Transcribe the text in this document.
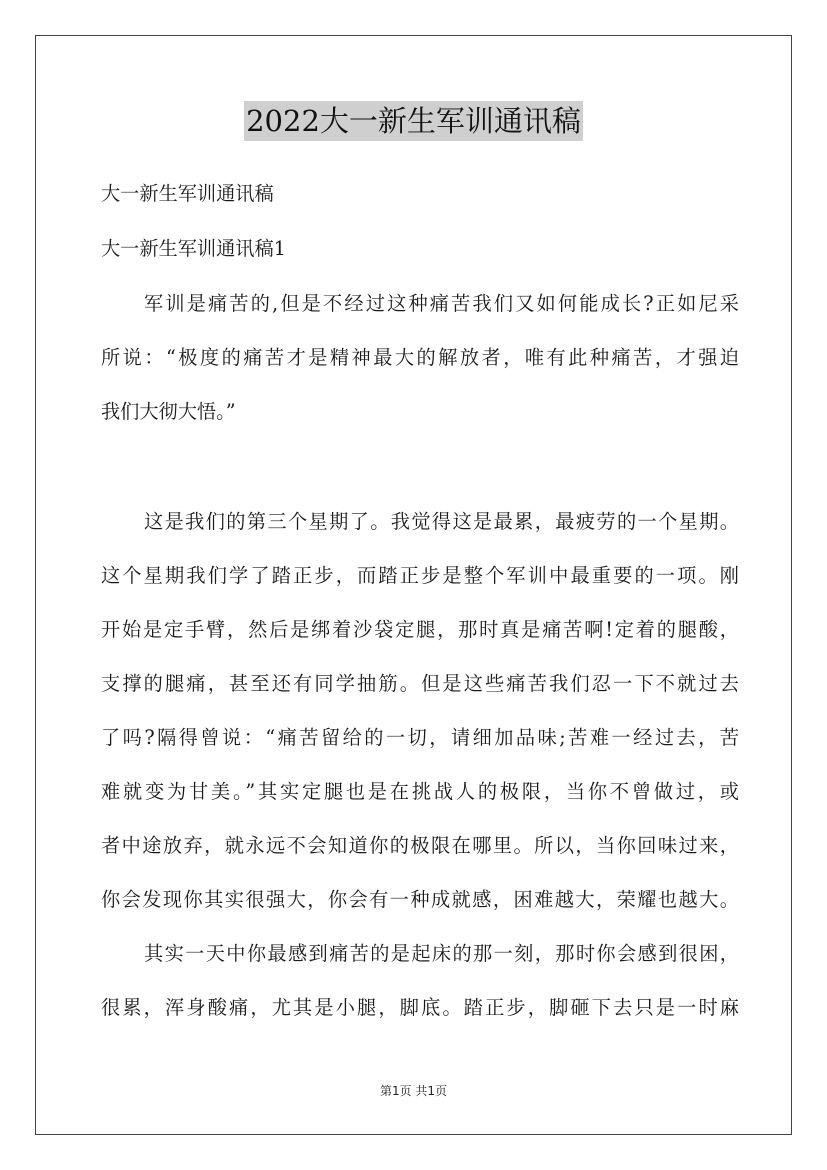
2022大一新生军训通讯稿
大一新生军训通讯稿
大一新生军训通讯稿1
军训是痛苦的,但是不经过这种痛苦我们又如何能成长?正如尼采
所说：“极度的痛苦才是精神最大的解放者，唯有此种痛苦，才强迫
我们大彻大悟。”
这是我们的第三个星期了。我觉得这是最累，最疲劳的一个星期。
这个星期我们学了踏正步，而踏正步是整个军训中最重要的一项。刚
开始是定手臂，然后是绑着沙袋定腿，那时真是痛苦啊!定着的腿酸，
支撑的腿痛，甚至还有同学抽筋。但是这些痛苦我们忍一下不就过去
了吗?隔得曾说：“痛苦留给的一切，请细加品味;苦难一经过去，苦
难就变为甘美。”其实定腿也是在挑战人的极限，当你不曾做过，或
者中途放弃，就永远不会知道你的极限在哪里。所以，当你回味过来，
你会发现你其实很强大，你会有一种成就感，困难越大，荣耀也越大。
其实一天中你最感到痛苦的是起床的那一刻，那时你会感到很困，
很累，浑身酸痛，尤其是小腿，脚底。踏正步，脚砸下去只是一时麻
第1页 共1页
